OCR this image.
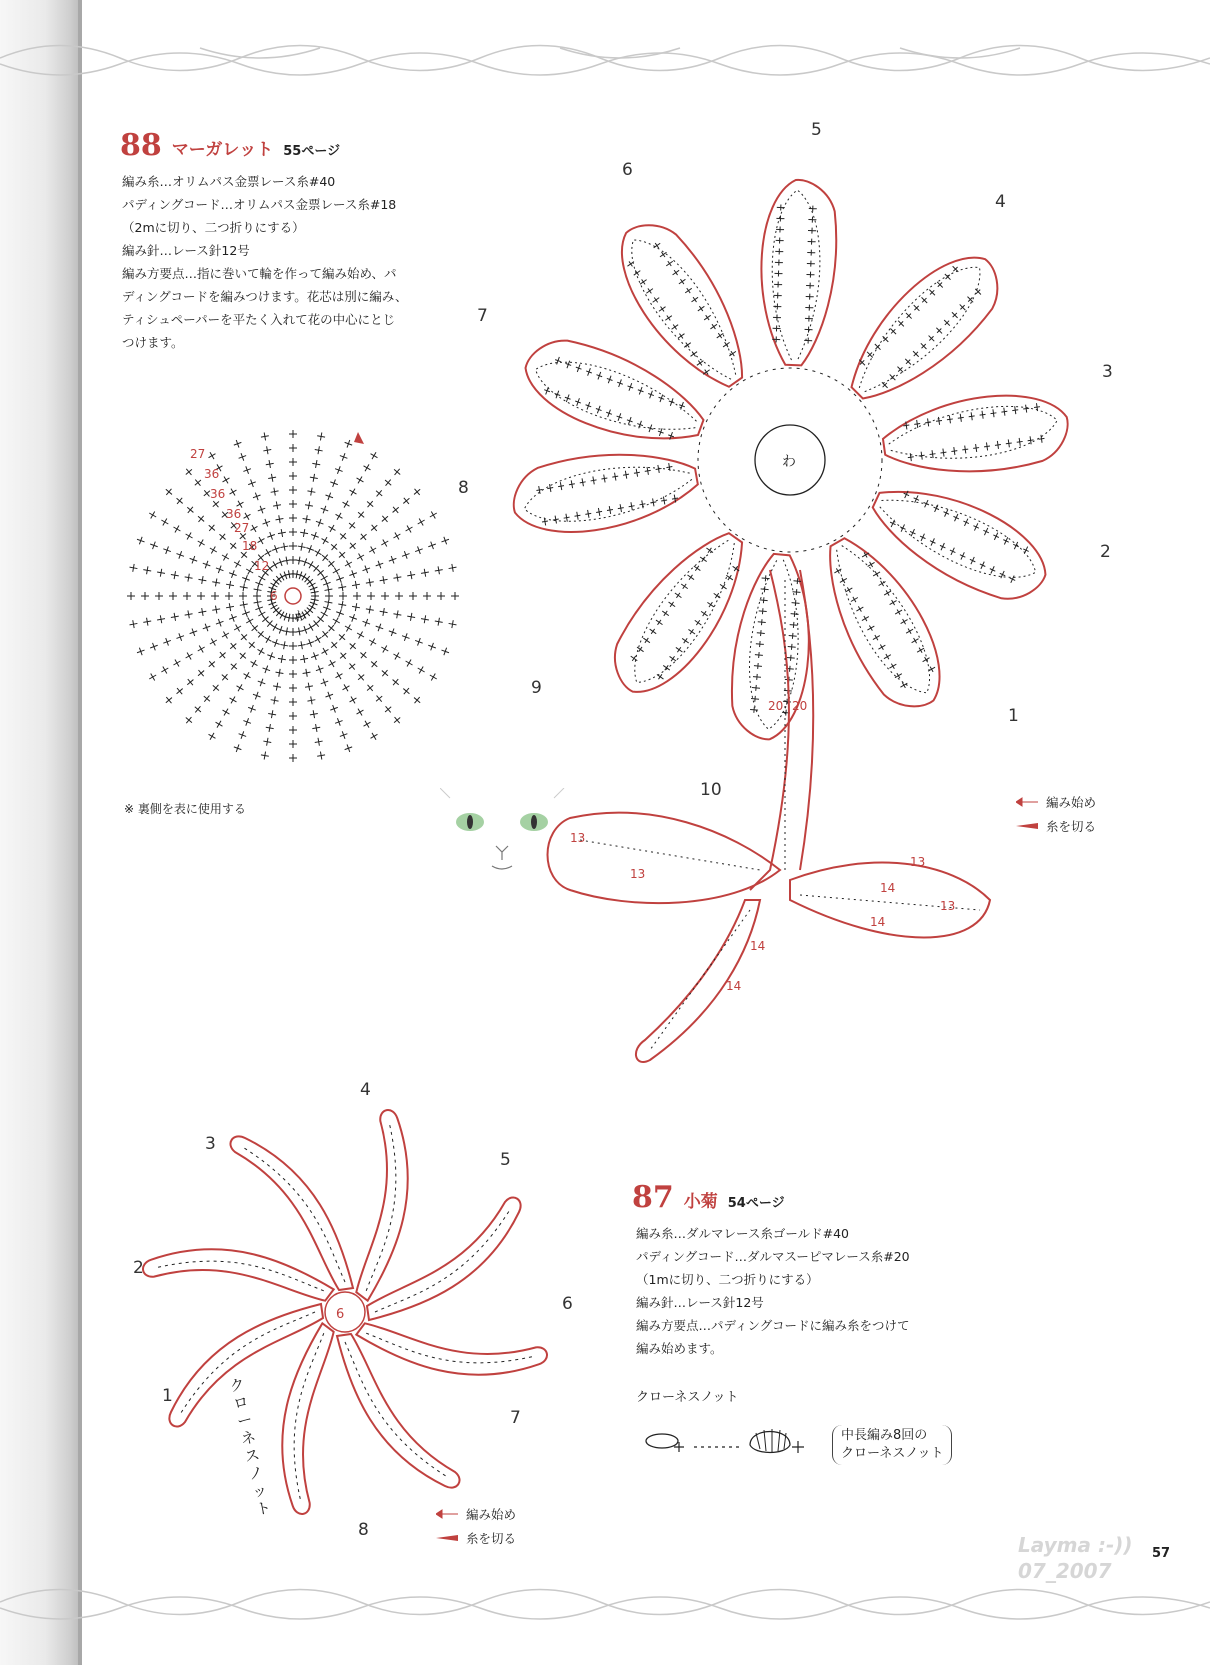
88 マーガレット 55ページ
編み糸…オリムパス金票レース糸#40
パディングコード…オリムパス金票レース糸#18
（2mに切り、二つ折りにする）
編み針…レース針12号
編み方要点…指に巻いて輪を作って編み始め、パ
ディングコードを編みつけます。花芯は別に編み、
ティシュペーパーを平たく入れて花の中心にとじ
つけます。
27
36
36
36
27
18
12
6
わ
※ 裏側を表に使用する
わ
20 20
13
13
13
13
14
14
14
14
1
2
3
4
5
6
7
8
9
10
編み始め
糸を切る
6
1
2
3
4
5
6
7
8
クローネスノット	編み始め
糸を切る
87 小菊 54ページ
編み糸…ダルマレース糸ゴールド#40
パディングコード…ダルマスーピマレース糸#20
（1mに切り、二つ折りにする）
編み針…レース針12号
編み方要点…パディングコードに編み糸をつけて
編み始めます。
クローネスノット
中長編み8回の
クローネスノット
Layma :-))
07_2007
57
